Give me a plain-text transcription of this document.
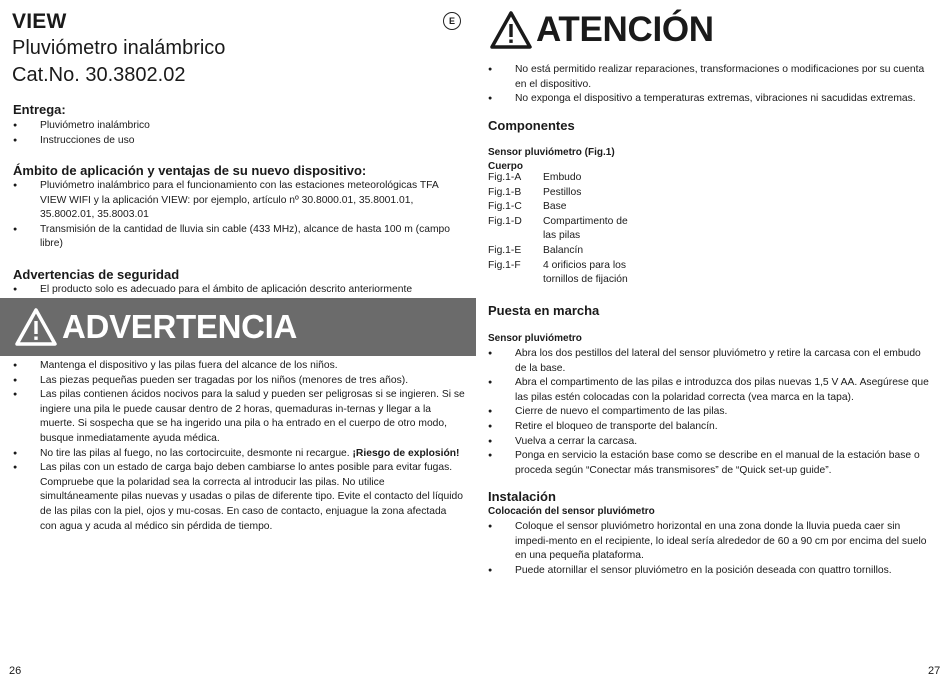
VIEW	E
Pluviómetro inalámbrico
Cat.No. 30.3802.02
Entrega:
● Pluviómetro inalámbrico
● Instrucciones de uso
Ámbito de aplicación y ventajas de su nuevo dispositivo:
● Pluviómetro inalámbrico para el funcionamiento con las estaciones meteorológicas TFA VIEW WIFI y la aplicación VIEW: por ejemplo, artículo nº 30.8000.01, 35.8001.01, 35.8002.01, 35.8003.01
● Transmisión de la cantidad de lluvia sin cable (433 MHz), alcance de hasta 100 m (campo libre)
Advertencias de seguridad
● El producto solo es adecuado para el ámbito de aplicación descrito anteriormente
ADVERTENCIA
● Mantenga el dispositivo y las pilas fuera del alcance de los niños.
● Las piezas pequeñas pueden ser tragadas por los niños (menores de tres años).
● Las pilas contienen ácidos nocivos para la salud y pueden ser peligrosas si se ingieren. Si se ingiere una pila le puede causar dentro de 2 horas, quemaduras in-ternas y llegar a la muerte. Si sospecha que se ha ingerido una pila o ha entrado en el cuerpo de otro modo, busque inmediatamente ayuda médica.
● No tire las pilas al fuego, no las cortocircuite, desmonte ni recargue. ¡Riesgo de explosión!
● Las pilas con un estado de carga bajo deben cambiarse lo antes posible para evitar fugas. Compruebe que la polaridad sea la correcta al introducir las pilas. No utilice simultáneamente pilas nuevas y usadas o pilas de diferente tipo. Evite el contacto del líquido de las pilas con la piel, ojos y mu-cosas. En caso de contacto, enjuague la zona afectada con agua y acuda al médico sin pérdida de tiempo.
26
ATENCIÓN
● No está permitido realizar reparaciones, transformaciones o modificaciones por su cuenta en el dispositivo.
● No exponga el dispositivo a temperaturas extremas, vibraciones ni sacudidas extremas.
Componentes
Sensor pluviómetro (Fig.1)
Cuerpo
Fig.1-A	Embudo
Fig.1-B	Pestillos
Fig.1-C	Base
Fig.1-D	Compartimento de las pilas
Fig.1-E	Balancín
Fig.1-F	4 orificios para los tornillos de fijación
Puesta en marcha
Sensor pluviómetro
● Abra los dos pestillos del lateral del sensor pluviómetro y retire la carcasa con el embudo de la base.
● Abra el compartimento de las pilas e introduzca dos pilas nuevas 1,5 V AA. Asegúrese que las pilas estén colocadas con la polaridad correcta (vea marca en la tapa).
● Cierre de nuevo el compartimento de las pilas.
● Retire el bloqueo de transporte del balancín.
● Vuelva a cerrar la carcasa.
● Ponga en servicio la estación base como se describe en el manual de la estación base o proceda según “Conectar más transmisores” de “Quick set-up guide”.
Instalación
Colocación del sensor pluviómetro
● Coloque el sensor pluviómetro horizontal en una zona donde la lluvia pueda caer sin impedi-mento en el recipiente, lo ideal sería alrededor de 60 a 90 cm por encima del suelo en una pequeña plataforma.
● Puede atornillar el sensor pluviómetro en la posición deseada con quattro tornillos.
27
